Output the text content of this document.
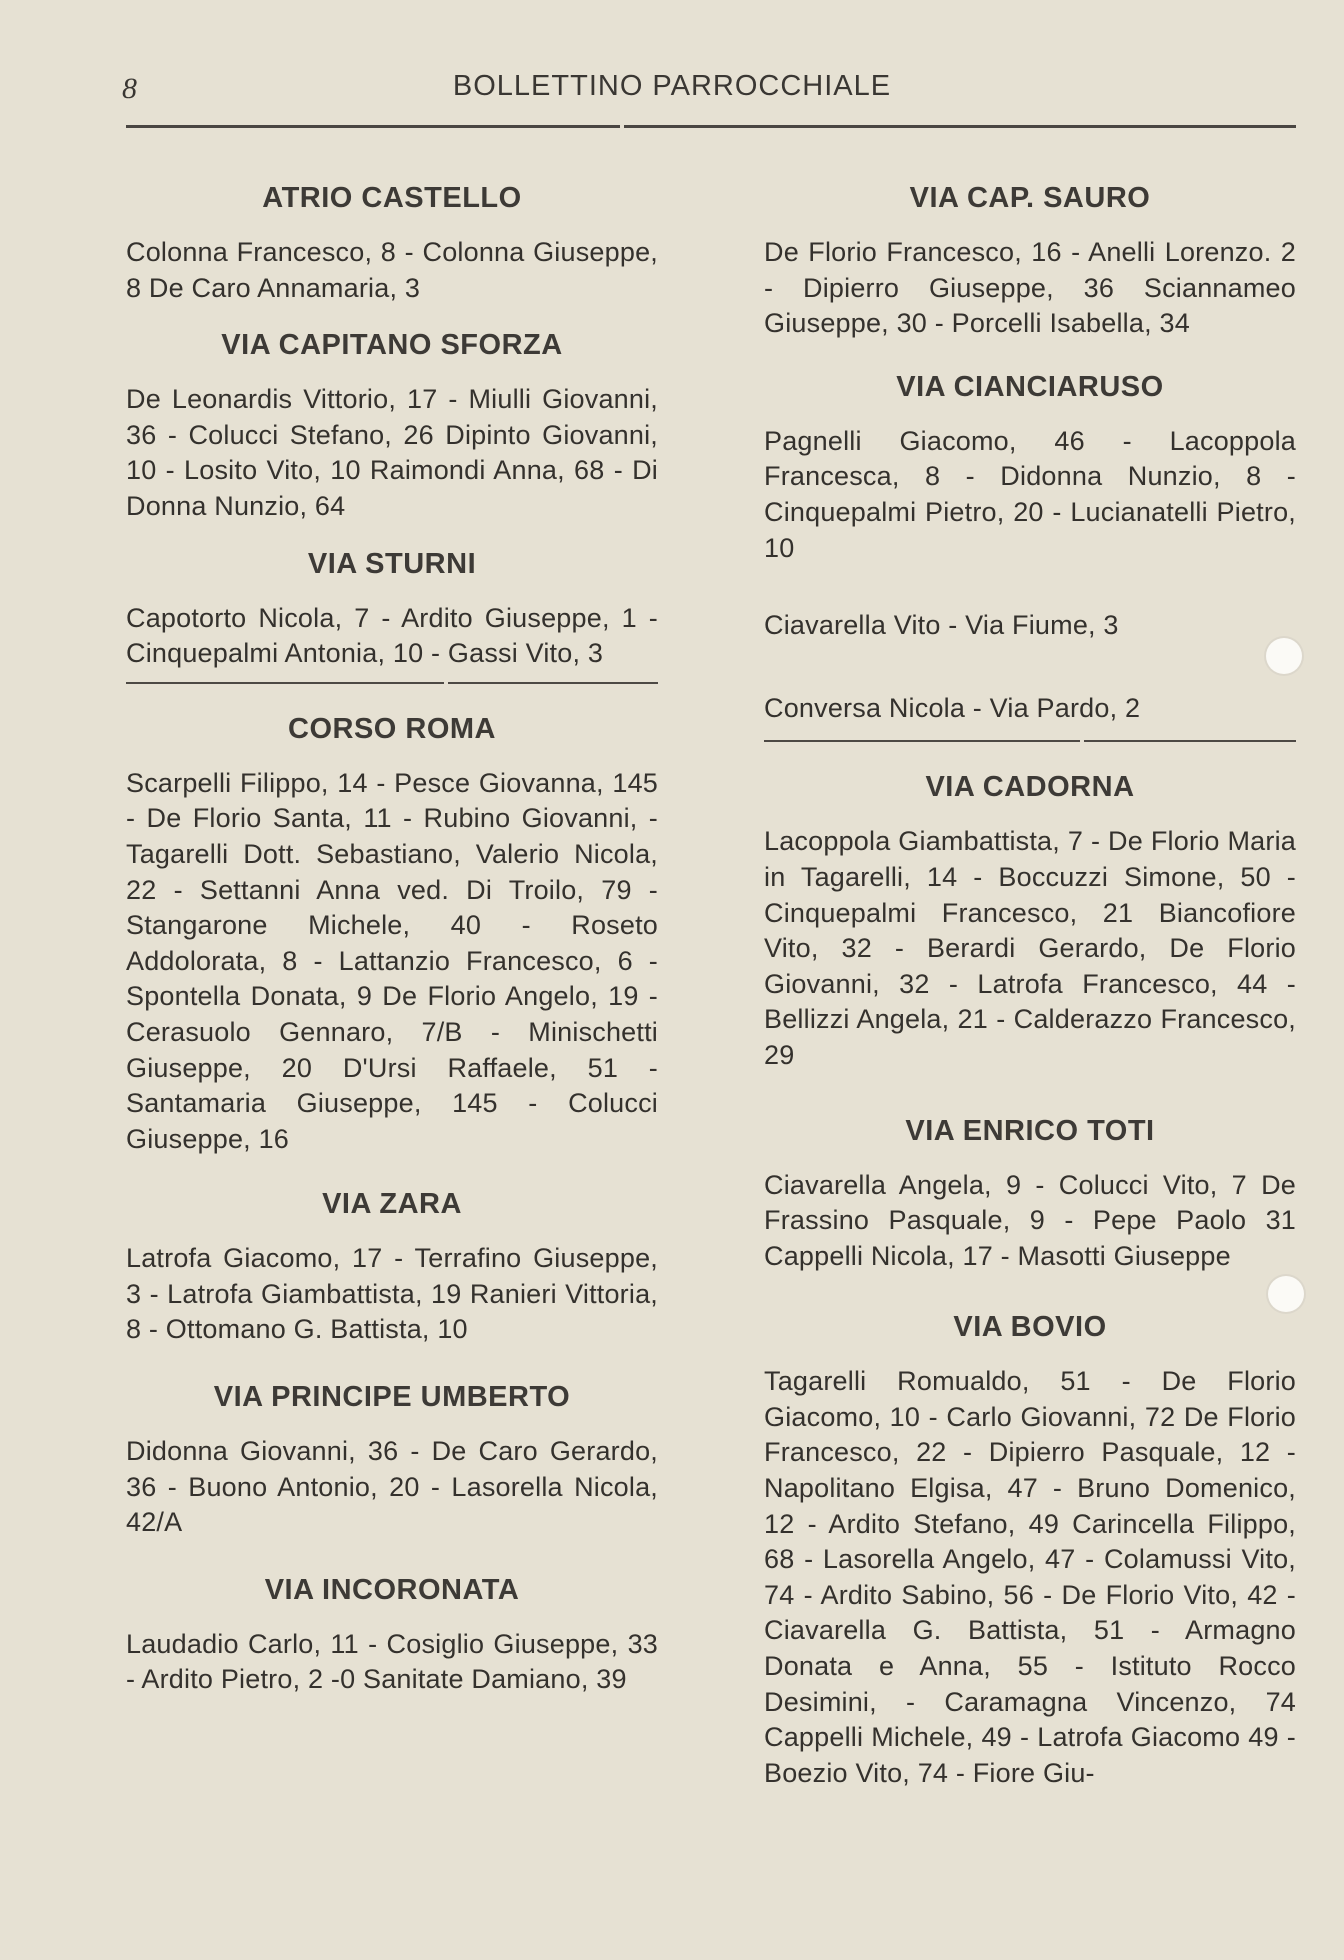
8	BOLLETTINO PARROCCHIALE
ATRIO CASTELLO

Colonna Francesco, 8 - Colonna Giuseppe, 8 De Caro Annamaria, 3

VIA CAPITANO SFORZA

De Leonardis Vittorio, 17 - Miulli Giovanni, 36 - Colucci Stefano, 26 Dipinto Giovanni, 10 - Losito Vito, 10 Raimondi Anna, 68 - Di Donna Nunzio, 64

VIA STURNI

Capotorto Nicola, 7 - Ardito Giuseppe, 1 - Cinquepalmi Antonia, 10 - Gassi Vito, 3

CORSO ROMA

Scarpelli Filippo, 14 - Pesce Giovanna, 145 - De Florio Santa, 11 - Rubino Giovanni, - Tagarelli Dott. Sebastiano, Valerio Nicola, 22 - Settanni Anna ved. Di Troilo, 79 - Stangarone Michele, 40 - Roseto Addolorata, 8 - Lattanzio Francesco, 6 - Spontella Donata, 9 De Florio Angelo, 19 - Cerasuolo Gennaro, 7/B - Minischetti Giuseppe, 20 D'Ursi Raffaele, 51 - Santamaria Giuseppe, 145 - Colucci Giuseppe, 16

VIA ZARA

Latrofa Giacomo, 17 - Terrafino Giuseppe, 3 - Latrofa Giambattista, 19 Ranieri Vittoria, 8 - Ottomano G. Battista, 10

VIA PRINCIPE UMBERTO

Didonna Giovanni, 36 - De Caro Gerardo, 36 - Buono Antonio, 20 - Lasorella Nicola, 42/A

VIA INCORONATA

Laudadio Carlo, 11 - Cosiglio Giuseppe, 33 - Ardito Pietro, 2 -0 Sanitate Damiano, 39

VIA CAP. SAURO

De Florio Francesco, 16 - Anelli Lorenzo. 2 - Dipierro Giuseppe, 36 Sciannameo Giuseppe, 30 - Porcelli Isabella, 34

VIA CIANCIARUSO

Pagnelli Giacomo, 46 - Lacoppola Francesca, 8 - Didonna Nunzio, 8 - Cinquepalmi Pietro, 20 - Lucianatelli Pietro, 10

Ciavarella Vito - Via Fiume, 3

Conversa Nicola - Via Pardo, 2

VIA CADORNA

Lacoppola Giambattista, 7 - De Florio Maria in Tagarelli, 14 - Boccuzzi Simone, 50 - Cinquepalmi Francesco, 21 Biancofiore Vito, 32 - Berardi Gerardo, De Florio Giovanni, 32 - Latrofa Francesco, 44 - Bellizzi Angela, 21 - Calderazzo Francesco, 29

VIA ENRICO TOTI

Ciavarella Angela, 9 - Colucci Vito, 7 De Frassino Pasquale, 9 - Pepe Paolo 31 Cappelli Nicola, 17 - Masotti Giuseppe

VIA BOVIO

Tagarelli Romualdo, 51 - De Florio Giacomo, 10 - Carlo Giovanni, 72 De Florio Francesco, 22 - Dipierro Pasquale, 12 - Napolitano Elgisa, 47 - Bruno Domenico, 12 - Ardito Stefano, 49 Carincella Filippo, 68 - Lasorella Angelo, 47 - Colamussi Vito, 74 - Ardito Sabino, 56 - De Florio Vito, 42 - Ciavarella G. Battista, 51 - Armagno Donata e Anna, 55 - Istituto Rocco Desimini, - Caramagna Vincenzo, 74 Cappelli Michele, 49 - Latrofa Giacomo 49 - Boezio Vito, 74 - Fiore Giu-
